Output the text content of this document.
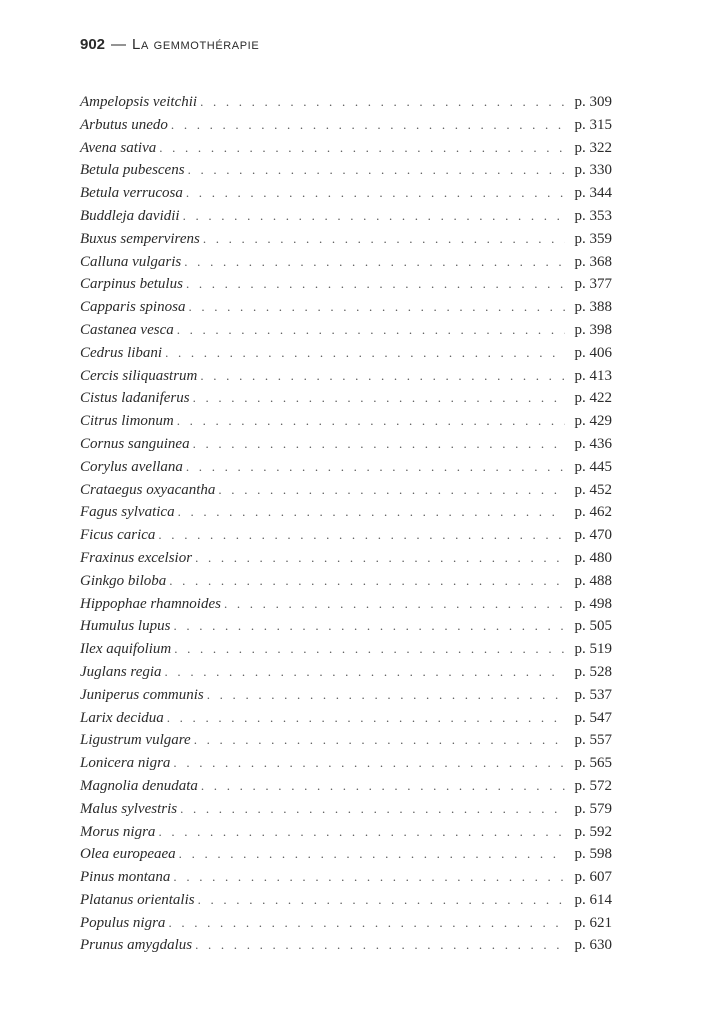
902 — La gemmothérapie
Ampelopsis veitchii . . .	p. 309
Arbutus unedo . . .	p. 315
Avena sativa . . .	p. 322
Betula pubescens . . .	p. 330
Betula verrucosa . . .	p. 344
Buddleja davidii . . .	p. 353
Buxus sempervirens . . .	p. 359
Calluna vulgaris . . .	p. 368
Carpinus betulus . . .	p. 377
Capparis spinosa . . .	p. 388
Castanea vesca . . .	p. 398
Cedrus libani . . .	p. 406
Cercis siliquastrum . . .	p. 413
Cistus ladaniferus . . .	p. 422
Citrus limonum . . .	p. 429
Cornus sanguinea . . .	p. 436
Corylus avellana . . .	p. 445
Crataegus oxyacantha . . .	p. 452
Fagus sylvatica . . .	p. 462
Ficus carica . . .	p. 470
Fraxinus excelsior . . .	p. 480
Ginkgo biloba . . .	p. 488
Hippophae rhamnoides . . .	p. 498
Humulus lupus . . .	p. 505
Ilex aquifolium . . .	p. 519
Juglans regia . . .	p. 528
Juniperus communis . . .	p. 537
Larix decidua . . .	p. 547
Ligustrum vulgare . . .	p. 557
Lonicera nigra . . .	p. 565
Magnolia denudata . . .	p. 572
Malus sylvestris . . .	p. 579
Morus nigra . . .	p. 592
Olea europeaea . . .	p. 598
Pinus montana . . .	p. 607
Platanus orientalis . . .	p. 614
Populus nigra . . .	p. 621
Prunus amygdalus . . .	p. 630
